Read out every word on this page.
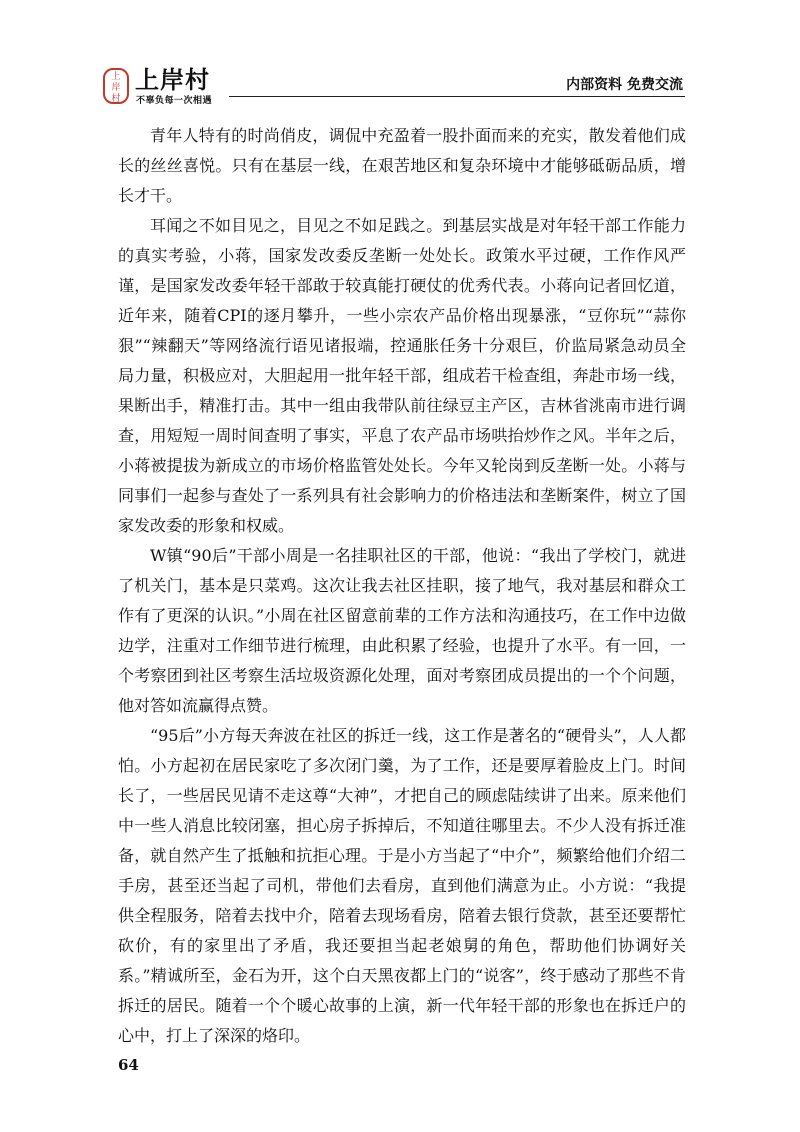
上
岸
村
上岸村
不辜负每一次相遇
内部资料 免费交流

青年人特有的时尚俏皮，调侃中充盈着一股扑面而来的充实，散发着他们成长的丝丝喜悦。只有在基层一线，在艰苦地区和复杂环境中才能够砥砺品质，增长才干。

耳闻之不如目见之，目见之不如足践之。到基层实战是对年轻干部工作能力的真实考验，小蒋，国家发改委反垄断一处处长。政策水平过硬，工作作风严谨，是国家发改委年轻干部敢于较真能打硬仗的优秀代表。小蒋向记者回忆道，近年来，随着CPI的逐月攀升，一些小宗农产品价格出现暴涨，“豆你玩”“蒜你狠”“辣翻天”等网络流行语见诸报端，控通胀任务十分艰巨，价监局紧急动员全局力量，积极应对，大胆起用一批年轻干部，组成若干检查组，奔赴市场一线，果断出手，精准打击。其中一组由我带队前往绿豆主产区，吉林省洮南市进行调查，用短短一周时间查明了事实，平息了农产品市场哄抬炒作之风。半年之后，小蒋被提拔为新成立的市场价格监管处处长。今年又轮岗到反垄断一处。小蒋与同事们一起参与查处了一系列具有社会影响力的价格违法和垄断案件，树立了国家发改委的形象和权威。

W镇“90后”干部小周是一名挂职社区的干部，他说：“我出了学校门，就进了机关门，基本是只菜鸡。这次让我去社区挂职，接了地气，我对基层和群众工作有了更深的认识。”小周在社区留意前辈的工作方法和沟通技巧，在工作中边做边学，注重对工作细节进行梳理，由此积累了经验，也提升了水平。有一回，一个考察团到社区考察生活垃圾资源化处理，面对考察团成员提出的一个个问题，他对答如流赢得点赞。

“95后”小方每天奔波在社区的拆迁一线，这工作是著名的“硬骨头”，人人都怕。小方起初在居民家吃了多次闭门羹，为了工作，还是要厚着脸皮上门。时间长了，一些居民见请不走这尊“大神”，才把自己的顾虑陆续讲了出来。原来他们中一些人消息比较闭塞，担心房子拆掉后，不知道往哪里去。不少人没有拆迁准备，就自然产生了抵触和抗拒心理。于是小方当起了“中介”，频繁给他们介绍二手房，甚至还当起了司机，带他们去看房，直到他们满意为止。小方说：“我提供全程服务，陪着去找中介，陪着去现场看房，陪着去银行贷款，甚至还要帮忙砍价，有的家里出了矛盾，我还要担当起老娘舅的角色，帮助他们协调好关系。”精诚所至，金石为开，这个白天黑夜都上门的“说客”，终于感动了那些不肯拆迁的居民。随着一个个暖心故事的上演，新一代年轻干部的形象也在拆迁户的心中，打上了深深的烙印。

64
